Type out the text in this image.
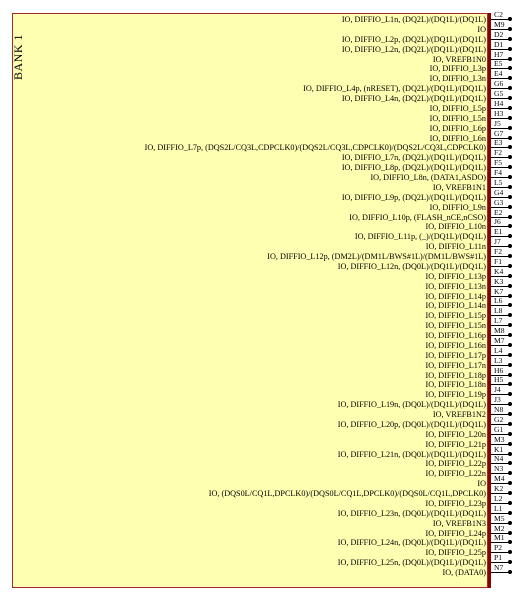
BANK 1
IO, DIFFIO_L1n, (DQ2L)/(DQ1L)/(DQ1L)
C2
IO
M9
IO, DIFFIO_L2p, (DQ2L)/(DQ1L)/(DQ1L)
D2
IO, DIFFIO_L2n, (DQ2L)/(DQ1L)/(DQ1L)
D1
IO, VREFB1N0
H7
IO, DIFFIO_L3p
E5
IO, DIFFIO_L3n
E4
IO, DIFFIO_L4p, (nRESET), (DQ2L)/(DQ1L)/(DQ1L)
G6
IO, DIFFIO_L4n, (DQ2L)/(DQ1L)/(DQ1L)
G5
IO, DIFFIO_L5p
H4
IO, DIFFIO_L5n
H3
IO, DIFFIO_L6p
J5
IO, DIFFIO_L6n
G7
IO, DIFFIO_L7p, (DQS2L/CQ3L,CDPCLK0)/(DQS2L/CQ3L,CDPCLK0)/(DQS2L/CQ3L,CDPCLK0)
E3
IO, DIFFIO_L7n, (DQ2L)/(DQ1L)/(DQ1L)
F2
IO, DIFFIO_L8p, (DQ2L)/(DQ1L)/(DQ1L)
F5
IO, DIFFIO_L8n, (DATA1,ASDO)
F4
IO, VREFB1N1
L5
IO, DIFFIO_L9p, (DQ2L)/(DQ1L)/(DQ1L)
G4
IO, DIFFIO_L9n
G3
IO, DIFFIO_L10p, (FLASH_nCE,nCSO)
E2
IO, DIFFIO_L10n
J6
IO, DIFFIO_L11p, (_)/(DQ1L)/(DQ1L)
E1
IO, DIFFIO_L11n
J7
IO, DIFFIO_L12p, (DM2L)/(DM1L/BWS#1L)/(DM1L/BWS#1L)
F2
IO, DIFFIO_L12n, (DQ0L)/(DQ1L)/(DQ1L)
F1
IO, DIFFIO_L13p
K4
IO, DIFFIO_L13n
K3
IO, DIFFIO_L14p
K7
IO, DIFFIO_L14n
L6
IO, DIFFIO_L15p
L8
IO, DIFFIO_L15n
L7
IO, DIFFIO_L16p
M8
IO, DIFFIO_L16n
M7
IO, DIFFIO_L17p
L4
IO, DIFFIO_L17n
L3
IO, DIFFIO_L18p
H6
IO, DIFFIO_L18n
H5
IO, DIFFIO_L19p
J4
IO, DIFFIO_L19n, (DQ0L)/(DQ1L)/(DQ1L)
J3
IO, VREFB1N2
N8
IO, DIFFIO_L20p, (DQ0L)/(DQ1L)/(DQ1L)
G2
IO, DIFFIO_L20n
G1
IO, DIFFIO_L21p
M3
IO, DIFFIO_L21n, (DQ0L)/(DQ1L)/(DQ1L)
K1
IO, DIFFIO_L22p
N4
IO, DIFFIO_L22n
N3
IO
M4
IO, (DQS0L/CQ1L,DPCLK0)/(DQS0L/CQ1L,DPCLK0)/(DQS0L/CQ1L,DPCLK0)
K2
IO, DIFFIO_L23p
L2
IO, DIFFIO_L23n, (DQ0L)/(DQ1L)/(DQ1L)
L1
IO, VREFB1N3
M5
IO, DIFFIO_L24p
M2
IO, DIFFIO_L24n, (DQ0L)/(DQ1L)/(DQ1L)
M1
IO, DIFFIO_L25p
P2
IO, DIFFIO_L25n, (DQ0L)/(DQ1L)/(DQ1L)
P1
IO, (DATA0)
N7
